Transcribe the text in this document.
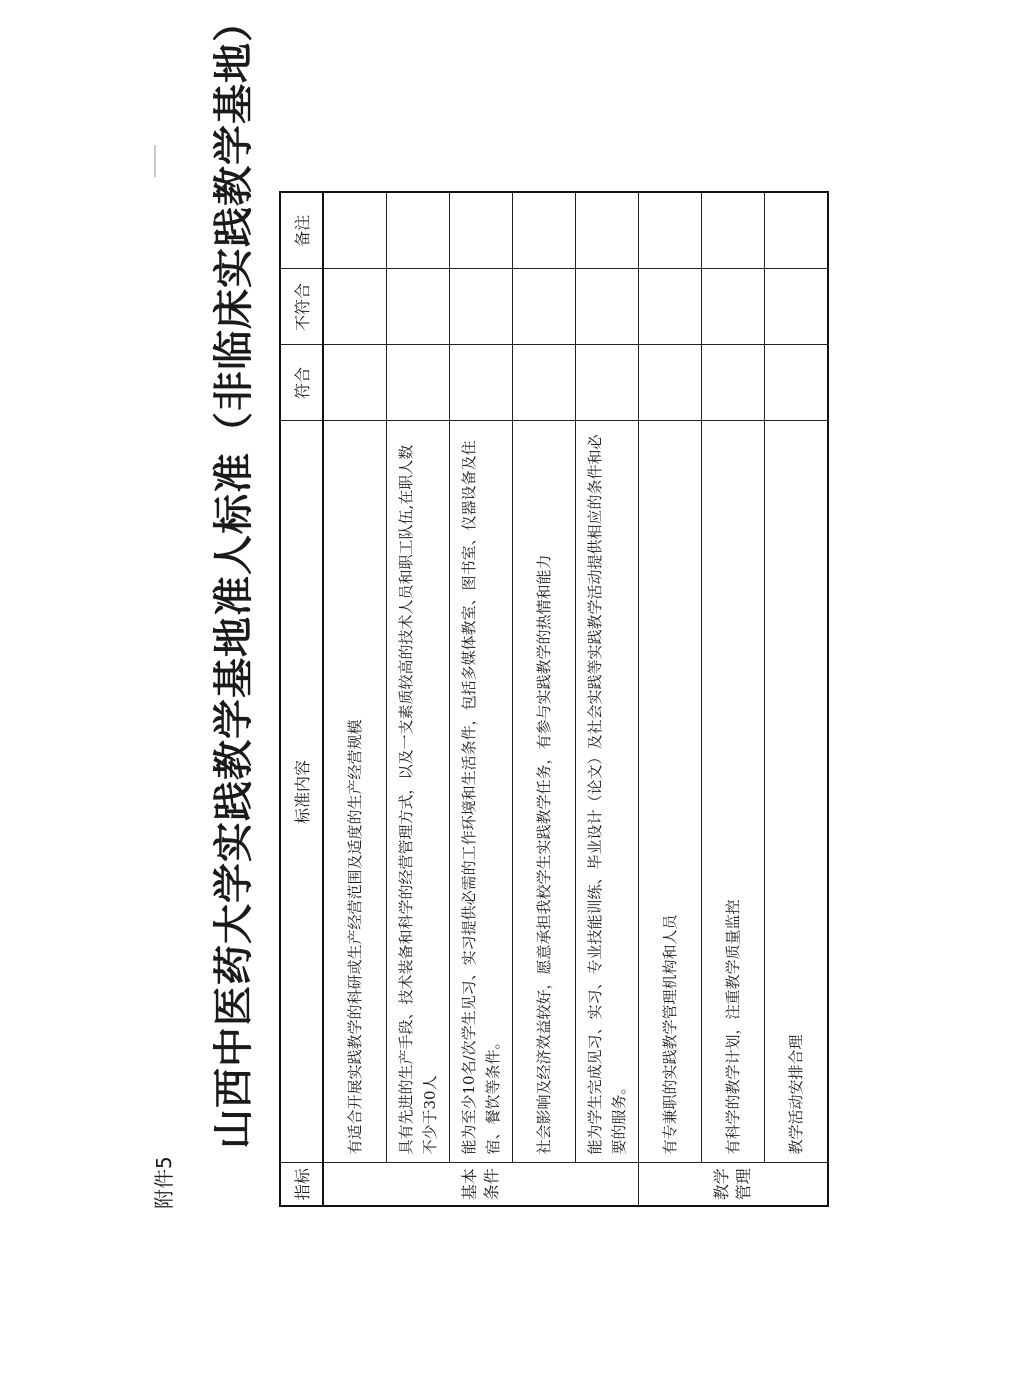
附件5
山西中医药大学实践教学基地准人标准（非临床实践教学基地）
指标	标准内容	符合	不符合	备注
基本 条件	有适合开展实践教学的科研或生产经营范围及适度的生产经营规模			
	具有先进的生产手段、技术装备和科学的经营管理方式，以及一支素质较高的技术人员和职工队伍,在职人数不少于30人			
	能为至少10名/次学生见习、实习提供必需的工作环境和生活条件，包括多媒体教室、图书室、仪器设备及住宿、餐饮等条件。			
	社会影响及经济效益较好，愿意承担我校学生实践教学任务，有参与实践教学的热情和能力			
	能为学生完成见习、实习、专业技能训练、毕业设计（论文）及社会实践等实践教学活动提供相应的条件和必要的服务。			
教学 管理	有专兼职的实践教学管理机构和人员			
	有科学的教学计划，注重教学质量监控			
	教学活动安排合理			
